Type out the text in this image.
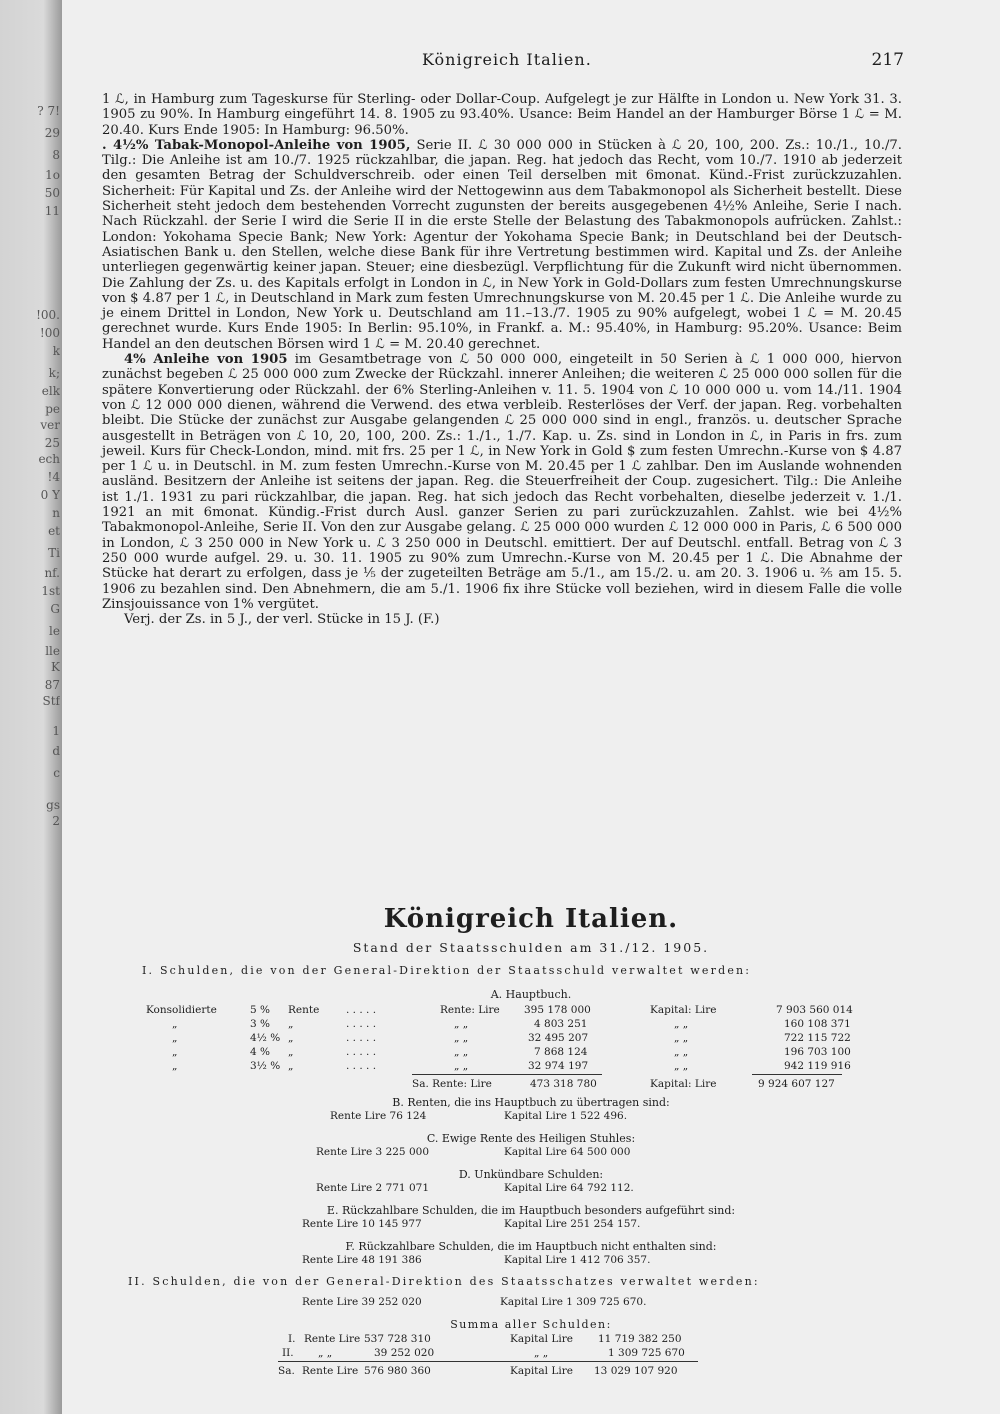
? 7!
29
8
1o
50
11
!00.
!00
k
k;
elk
pe
ver
25
ech
!4
0 Y
n
et
Ti
nf.
1st
G
le
lle
K
87
Stf
1
d
c
gs
2
Königreich Italien.	217

1 ℒ, in Hamburg zum Tageskurse für Sterling- oder Dollar-Coup. Aufgelegt je zur Hälfte in London u. New York 31. 3. 1905 zu 90%. In Hamburg eingeführt 14. 8. 1905 zu 93.40%. Usance: Beim Handel an der Hamburger Börse 1 ℒ = M. 20.40. Kurs Ende 1905: In Hamburg: 96.50%.

. 4½% Tabak-Monopol-Anleihe von 1905, Serie II. ℒ 30 000 000 in Stücken à ℒ 20, 100, 200. Zs.: 10./1., 10./7. Tilg.: Die Anleihe ist am 10./7. 1925 rückzahlbar, die japan. Reg. hat jedoch das Recht, vom 10./7. 1910 ab jederzeit den gesamten Betrag der Schuldverschreib. oder einen Teil derselben mit 6monat. Künd.-Frist zurückzuzahlen. Sicherheit: Für Kapital und Zs. der Anleihe wird der Nettogewinn aus dem Tabakmonopol als Sicherheit bestellt. Diese Sicherheit steht jedoch dem bestehenden Vorrecht zugunsten der bereits ausgegebenen 4½% Anleihe, Serie I nach. Nach Rückzahl. der Serie I wird die Serie II in die erste Stelle der Belastung des Tabakmonopols aufrücken. Zahlst.: London: Yokohama Specie Bank; New York: Agentur der Yokohama Specie Bank; in Deutschland bei der Deutsch-Asiatischen Bank u. den Stellen, welche diese Bank für ihre Vertretung bestimmen wird. Kapital und Zs. der Anleihe unterliegen gegenwärtig keiner japan. Steuer; eine diesbezügl. Verpflichtung für die Zukunft wird nicht übernommen. Die Zahlung der Zs. u. des Kapitals erfolgt in London in ℒ, in New York in Gold-Dollars zum festen Umrechnungskurse von $ 4.87 per 1 ℒ, in Deutschland in Mark zum festen Umrechnungskurse von M. 20.45 per 1 ℒ. Die Anleihe wurde zu je einem Drittel in London, New York u. Deutschland am 11.–13./7. 1905 zu 90% aufgelegt, wobei 1 ℒ = M. 20.45 gerechnet wurde. Kurs Ende 1905: In Berlin: 95.10%, in Frankf. a. M.: 95.40%, in Hamburg: 95.20%. Usance: Beim Handel an den deutschen Börsen wird 1 ℒ = M. 20.40 gerechnet.

4% Anleihe von 1905 im Gesamtbetrage von ℒ 50 000 000, eingeteilt in 50 Serien à ℒ 1 000 000, hiervon zunächst begeben ℒ 25 000 000 zum Zwecke der Rückzahl. innerer Anleihen; die weiteren ℒ 25 000 000 sollen für die spätere Konvertierung oder Rückzahl. der 6% Sterling-Anleihen v. 11. 5. 1904 von ℒ 10 000 000 u. vom 14./11. 1904 von ℒ 12 000 000 dienen, während die Verwend. des etwa verbleib. Resterlöses der Verf. der japan. Reg. vorbehalten bleibt. Die Stücke der zunächst zur Ausgabe gelangenden ℒ 25 000 000 sind in engl., französ. u. deutscher Sprache ausgestellt in Beträgen von ℒ 10, 20, 100, 200. Zs.: 1./1., 1./7. Kap. u. Zs. sind in London in ℒ, in Paris in frs. zum jeweil. Kurs für Check-London, mind. mit frs. 25 per 1 ℒ, in New York in Gold $ zum festen Umrechn.-Kurse von $ 4.87 per 1 ℒ u. in Deutschl. in M. zum festen Umrechn.-Kurse von M. 20.45 per 1 ℒ zahlbar. Den im Auslande wohnenden ausländ. Besitzern der Anleihe ist seitens der japan. Reg. die Steuerfreiheit der Coup. zugesichert. Tilg.: Die Anleihe ist 1./1. 1931 zu pari rückzahlbar, die japan. Reg. hat sich jedoch das Recht vorbehalten, dieselbe jederzeit v. 1./1. 1921 an mit 6monat. Kündig.-Frist durch Ausl. ganzer Serien zu pari zurückzuzahlen. Zahlst. wie bei 4½% Tabakmonopol-Anleihe, Serie II. Von den zur Ausgabe gelang. ℒ 25 000 000 wurden ℒ 12 000 000 in Paris, ℒ 6 500 000 in London, ℒ 3 250 000 in New York u. ℒ 3 250 000 in Deutschl. emittiert. Der auf Deutschl. entfall. Betrag von ℒ 3 250 000 wurde aufgel. 29. u. 30. 11. 1905 zu 90% zum Umrechn.-Kurse von M. 20.45 per 1 ℒ. Die Abnahme der Stücke hat derart zu erfolgen, dass je ⅕ der zugeteilten Beträge am 5./1., am 15./2. u. am 20. 3. 1906 u. ⅖ am 15. 5. 1906 zu bezahlen sind. Den Abnehmern, die am 5./1. 1906 fix ihre Stücke voll beziehen, wird in diesem Falle die volle Zinsjouissance von 1% vergütet.

Verj. der Zs. in 5 J., der verl. Stücke in 15 J. (F.)

Königreich Italien.
Stand der Staatsschulden am 31./12. 1905.
I. Schulden, die von der General-Direktion der Staatsschuld verwaltet werden:
A. Hauptbuch.
Konsolidierte	5 % Rente	. . . . .	Rente: Lire 395 178 000	Kapital: Lire	7 903 560 014
„	3 % „	. . . . .	„ „	4 803 251	„ „	160 108 371
„	4½ % „	. . . . .	„ „	32 495 207	„ „	722 115 722
„	4 % „	. . . . .	„ „	7 868 124	„ „	196 703 100
„	3½ % „	. . . . .	„ „	32 974 197	„ „	942 119 916
Sa. Rente: Lire	473 318 780	Kapital: Lire	9 924 607 127
B. Renten, die ins Hauptbuch zu übertragen sind:
Rente Lire 76 124	Kapital Lire 1 522 496.
C. Ewige Rente des Heiligen Stuhles:
Rente Lire 3 225 000	Kapital Lire 64 500 000
D. Unkündbare Schulden:
Rente Lire 2 771 071	Kapital Lire 64 792 112.
E. Rückzahlbare Schulden, die im Hauptbuch besonders aufgeführt sind:
Rente Lire 10 145 977	Kapital Lire 251 254 157.
F. Rückzahlbare Schulden, die im Hauptbuch nicht enthalten sind:
Rente Lire 48 191 386	Kapital Lire 1 412 706 357.
II. Schulden, die von der General-Direktion des Staatsschatzes verwaltet werden:
Rente Lire 39 252 020	Kapital Lire 1 309 725 670.
Summa aller Schulden:
I. Rente Lire 537 728 310	Kapital Lire 11 719 382 250
II. „ „	39 252 020	„ „	1 309 725 670
Sa. Rente Lire 576 980 360	Kapital Lire 13 029 107 920
